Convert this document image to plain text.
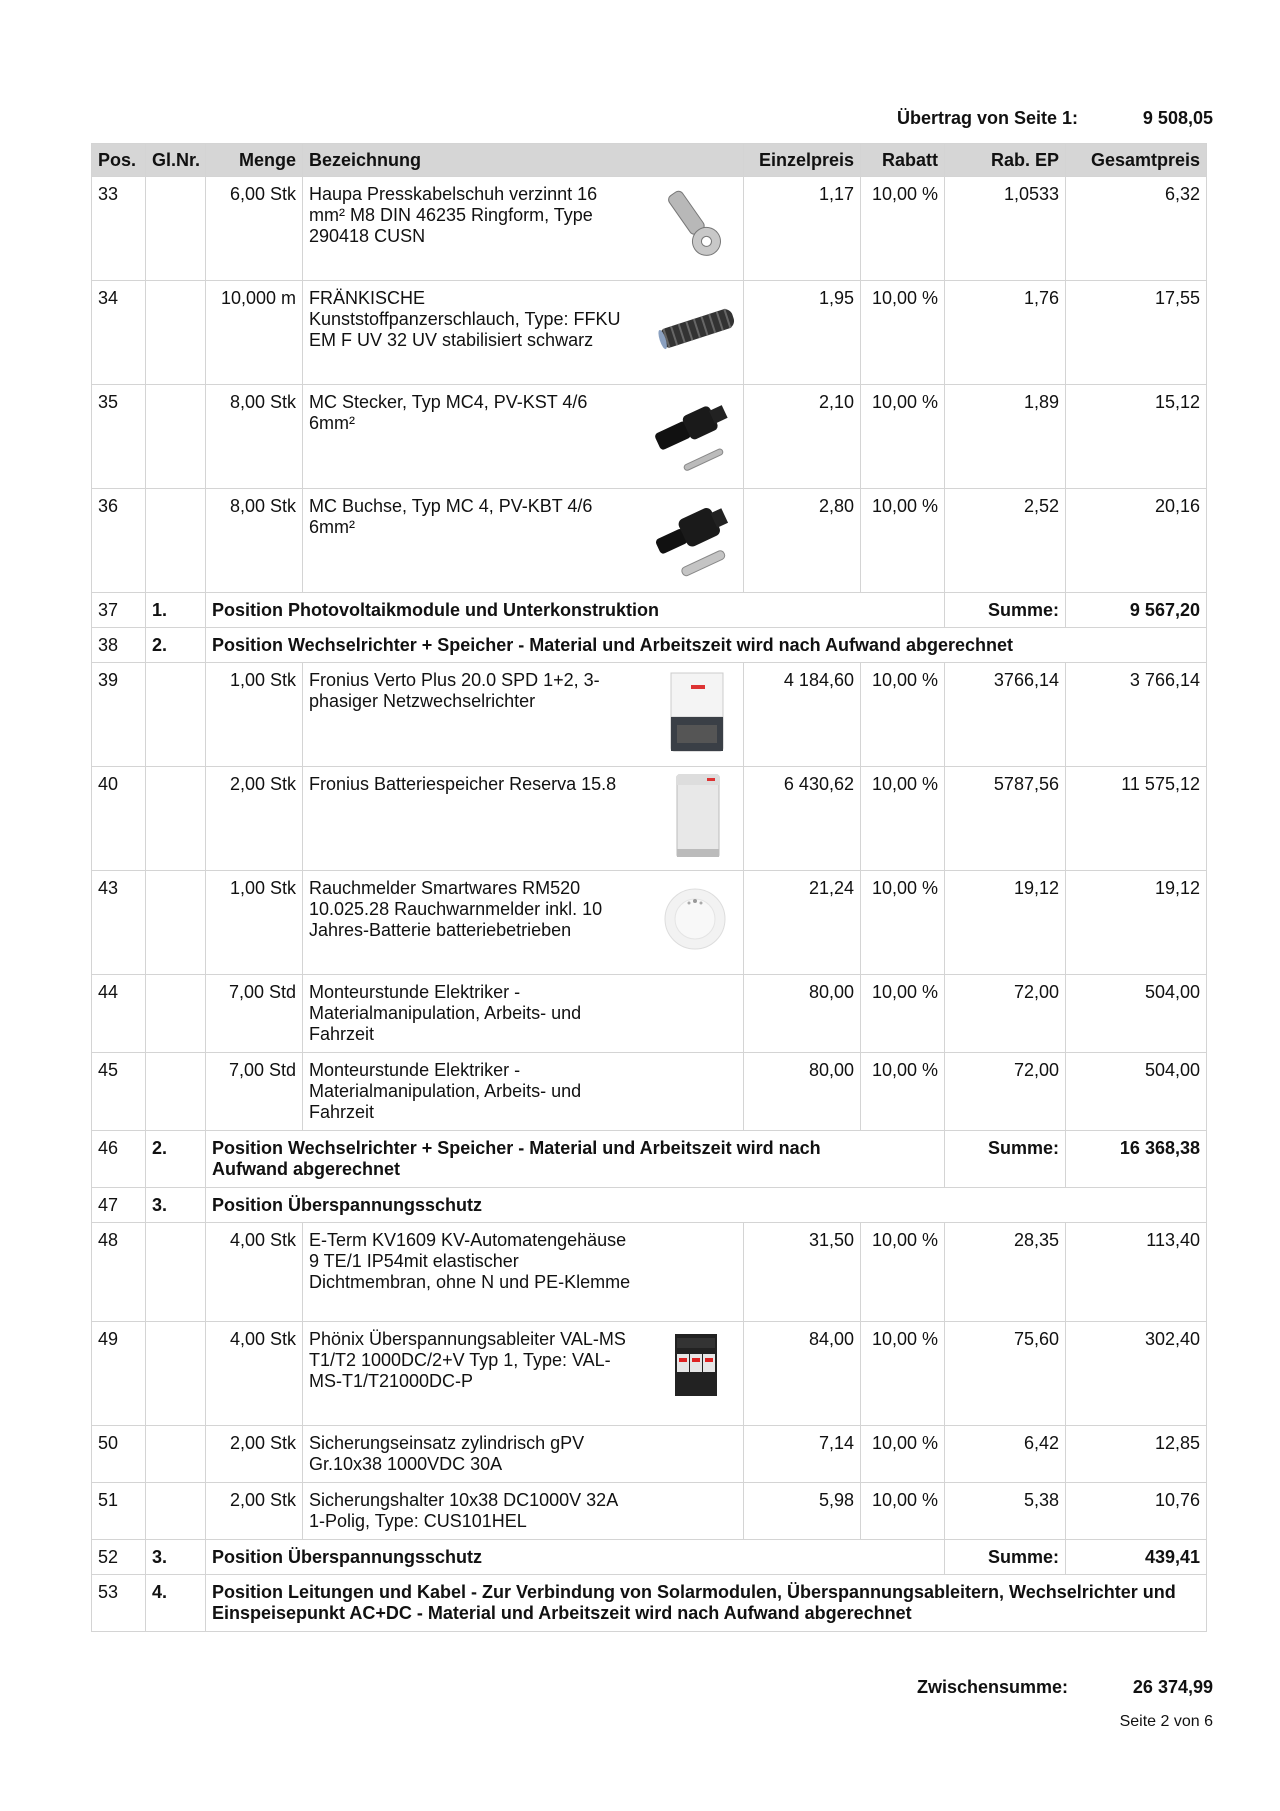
Übertrag von Seite 1:	9 508,05
Pos.	Gl.Nr.	Menge	Bezeichnung	Einzelpreis	Rabatt	Rab. EP	Gesamtpreis
33		6,00 Stk	Haupa Presskabelschuh verzinnt 16 mm² M8 DIN 46235 Ringform, Type 290418 CUSN	1,17	10,00 %	1,0533	6,32
34		10,000 m	FRÄNKISCHE Kunststoffpanzerschlauch, Type: FFKU EM F UV 32 UV stabilisiert schwarz	1,95	10,00 %	1,76	17,55
35		8,00 Stk	MC Stecker, Typ MC4, PV-KST 4/6 6mm²	2,10	10,00 %	1,89	15,12
36		8,00 Stk	MC Buchse, Typ MC 4, PV-KBT 4/6 6mm²	2,80	10,00 %	2,52	20,16
37	1.	Position Photovoltaikmodule und Unterkonstruktion				Summe:	9 567,20
38	2.	Position Wechselrichter + Speicher - Material und Arbeitszeit wird nach Aufwand abgerechnet					
39		1,00 Stk	Fronius Verto Plus 20.0 SPD 1+2, 3-phasiger Netzwechselrichter	4 184,60	10,00 %	3766,14	3 766,14
40		2,00 Stk	Fronius Batteriespeicher Reserva 15.8	6 430,62	10,00 %	5787,56	11 575,12
43		1,00 Stk	Rauchmelder Smartwares RM520 10.025.28 Rauchwarnmelder inkl. 10 Jahres-Batterie batteriebetrieben	21,24	10,00 %	19,12	19,12
44		7,00 Std	Monteurstunde Elektriker - Materialmanipulation, Arbeits- und Fahrzeit	80,00	10,00 %	72,00	504,00
45		7,00 Std	Monteurstunde Elektriker - Materialmanipulation, Arbeits- und Fahrzeit	80,00	10,00 %	72,00	504,00
46	2.	Position Wechselrichter + Speicher - Material und Arbeitszeit wird nach Aufwand abgerechnet				Summe:	16 368,38
47	3.	Position Überspannungsschutz					
48		4,00 Stk	E-Term KV1609 KV-Automatengehäuse 9 TE/1 IP54mit elastischer Dichtmembran, ohne N und PE-Klemme	31,50	10,00 %	28,35	113,40
49		4,00 Stk	Phönix Überspannungsableiter VAL-MS T1/T2 1000DC/2+V Typ 1, Type: VAL-MS-T1/T21000DC-P	84,00	10,00 %	75,60	302,40
50		2,00 Stk	Sicherungseinsatz zylindrisch gPV Gr.10x38 1000VDC 30A	7,14	10,00 %	6,42	12,85
51		2,00 Stk	Sicherungshalter 10x38 DC1000V 32A 1-Polig, Type: CUS101HEL	5,98	10,00 %	5,38	10,76
52	3.	Position Überspannungsschutz				Summe:	439,41
53	4.	Position Leitungen und Kabel - Zur Verbindung von Solarmodulen, Überspannungsableitern, Wechselrichter und Einspeisepunkt AC+DC - Material und Arbeitszeit wird nach Aufwand abgerechnet					
Zwischensumme:	26 374,99
Seite 2 von 6
